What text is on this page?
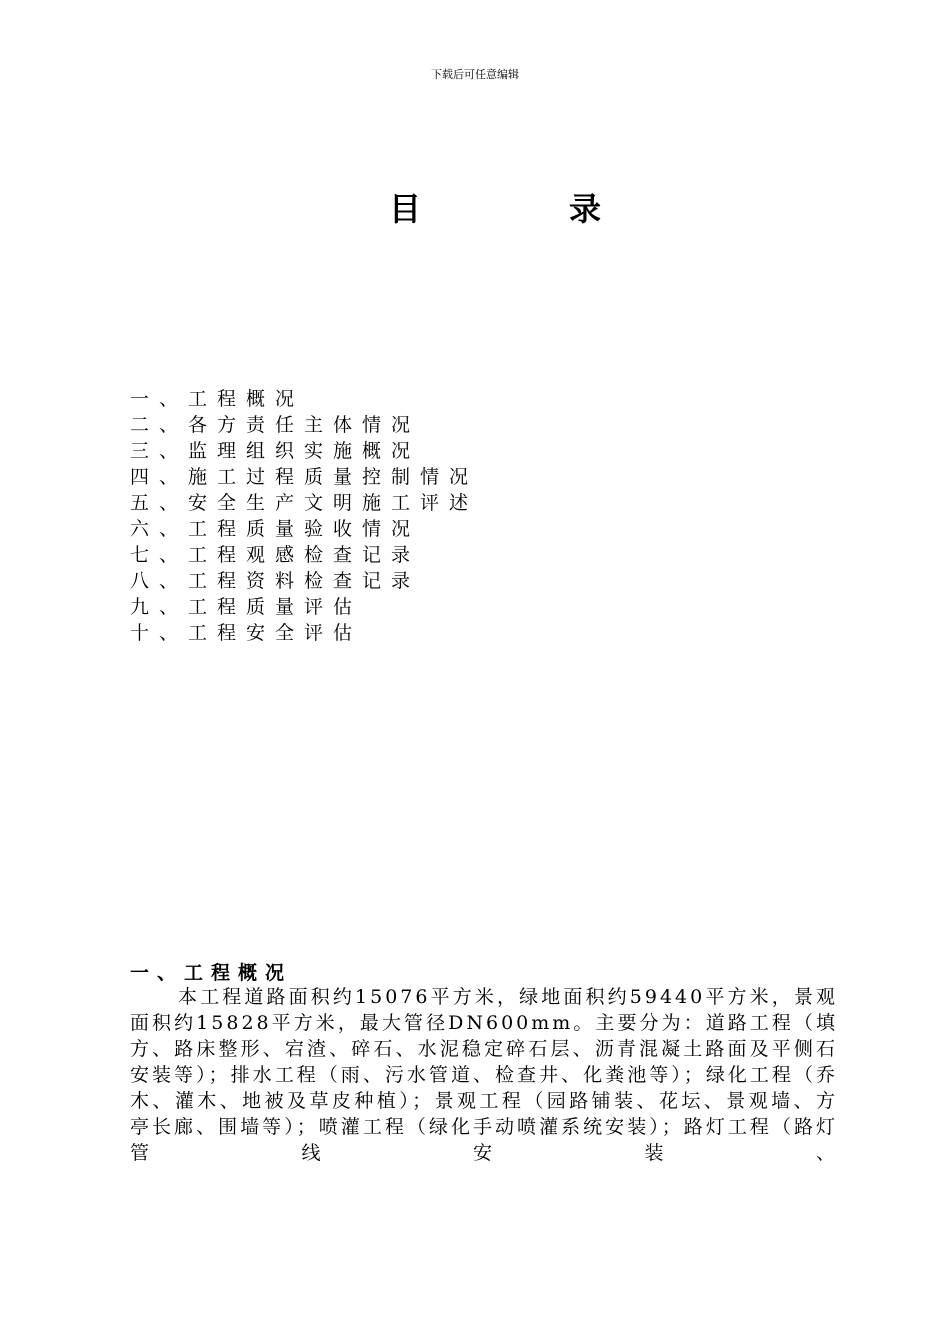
下载后可任意编辑
目	录
一、工程概况
二、各方责任主体情况
三、监理组织实施概况
四、施工过程质量控制情况
五、安全生产文明施工评述
六、工程质量验收情况
七、工程观感检查记录
八、工程资料检查记录
九、工程质量评估
十、工程安全评估
一、工程概况

本工程道路面积约15076平方米，绿地面积约59440平方米，景观面积约15828平方米，最大管径DN600mm。主要分为：道路工程（填方、路床整形、宕渣、碎石、水泥稳定碎石层、沥青混凝土路面及平侧石安装等）；排水工程（雨、污水管道、检查井、化粪池等）；绿化工程（乔木、灌木、地被及草皮种植）；景观工程（园路铺装、花坛、景观墙、方亭长廊、围墙等）；喷灌工程（绿化手动喷灌系统安装）；路灯工程（路灯管线安装、
